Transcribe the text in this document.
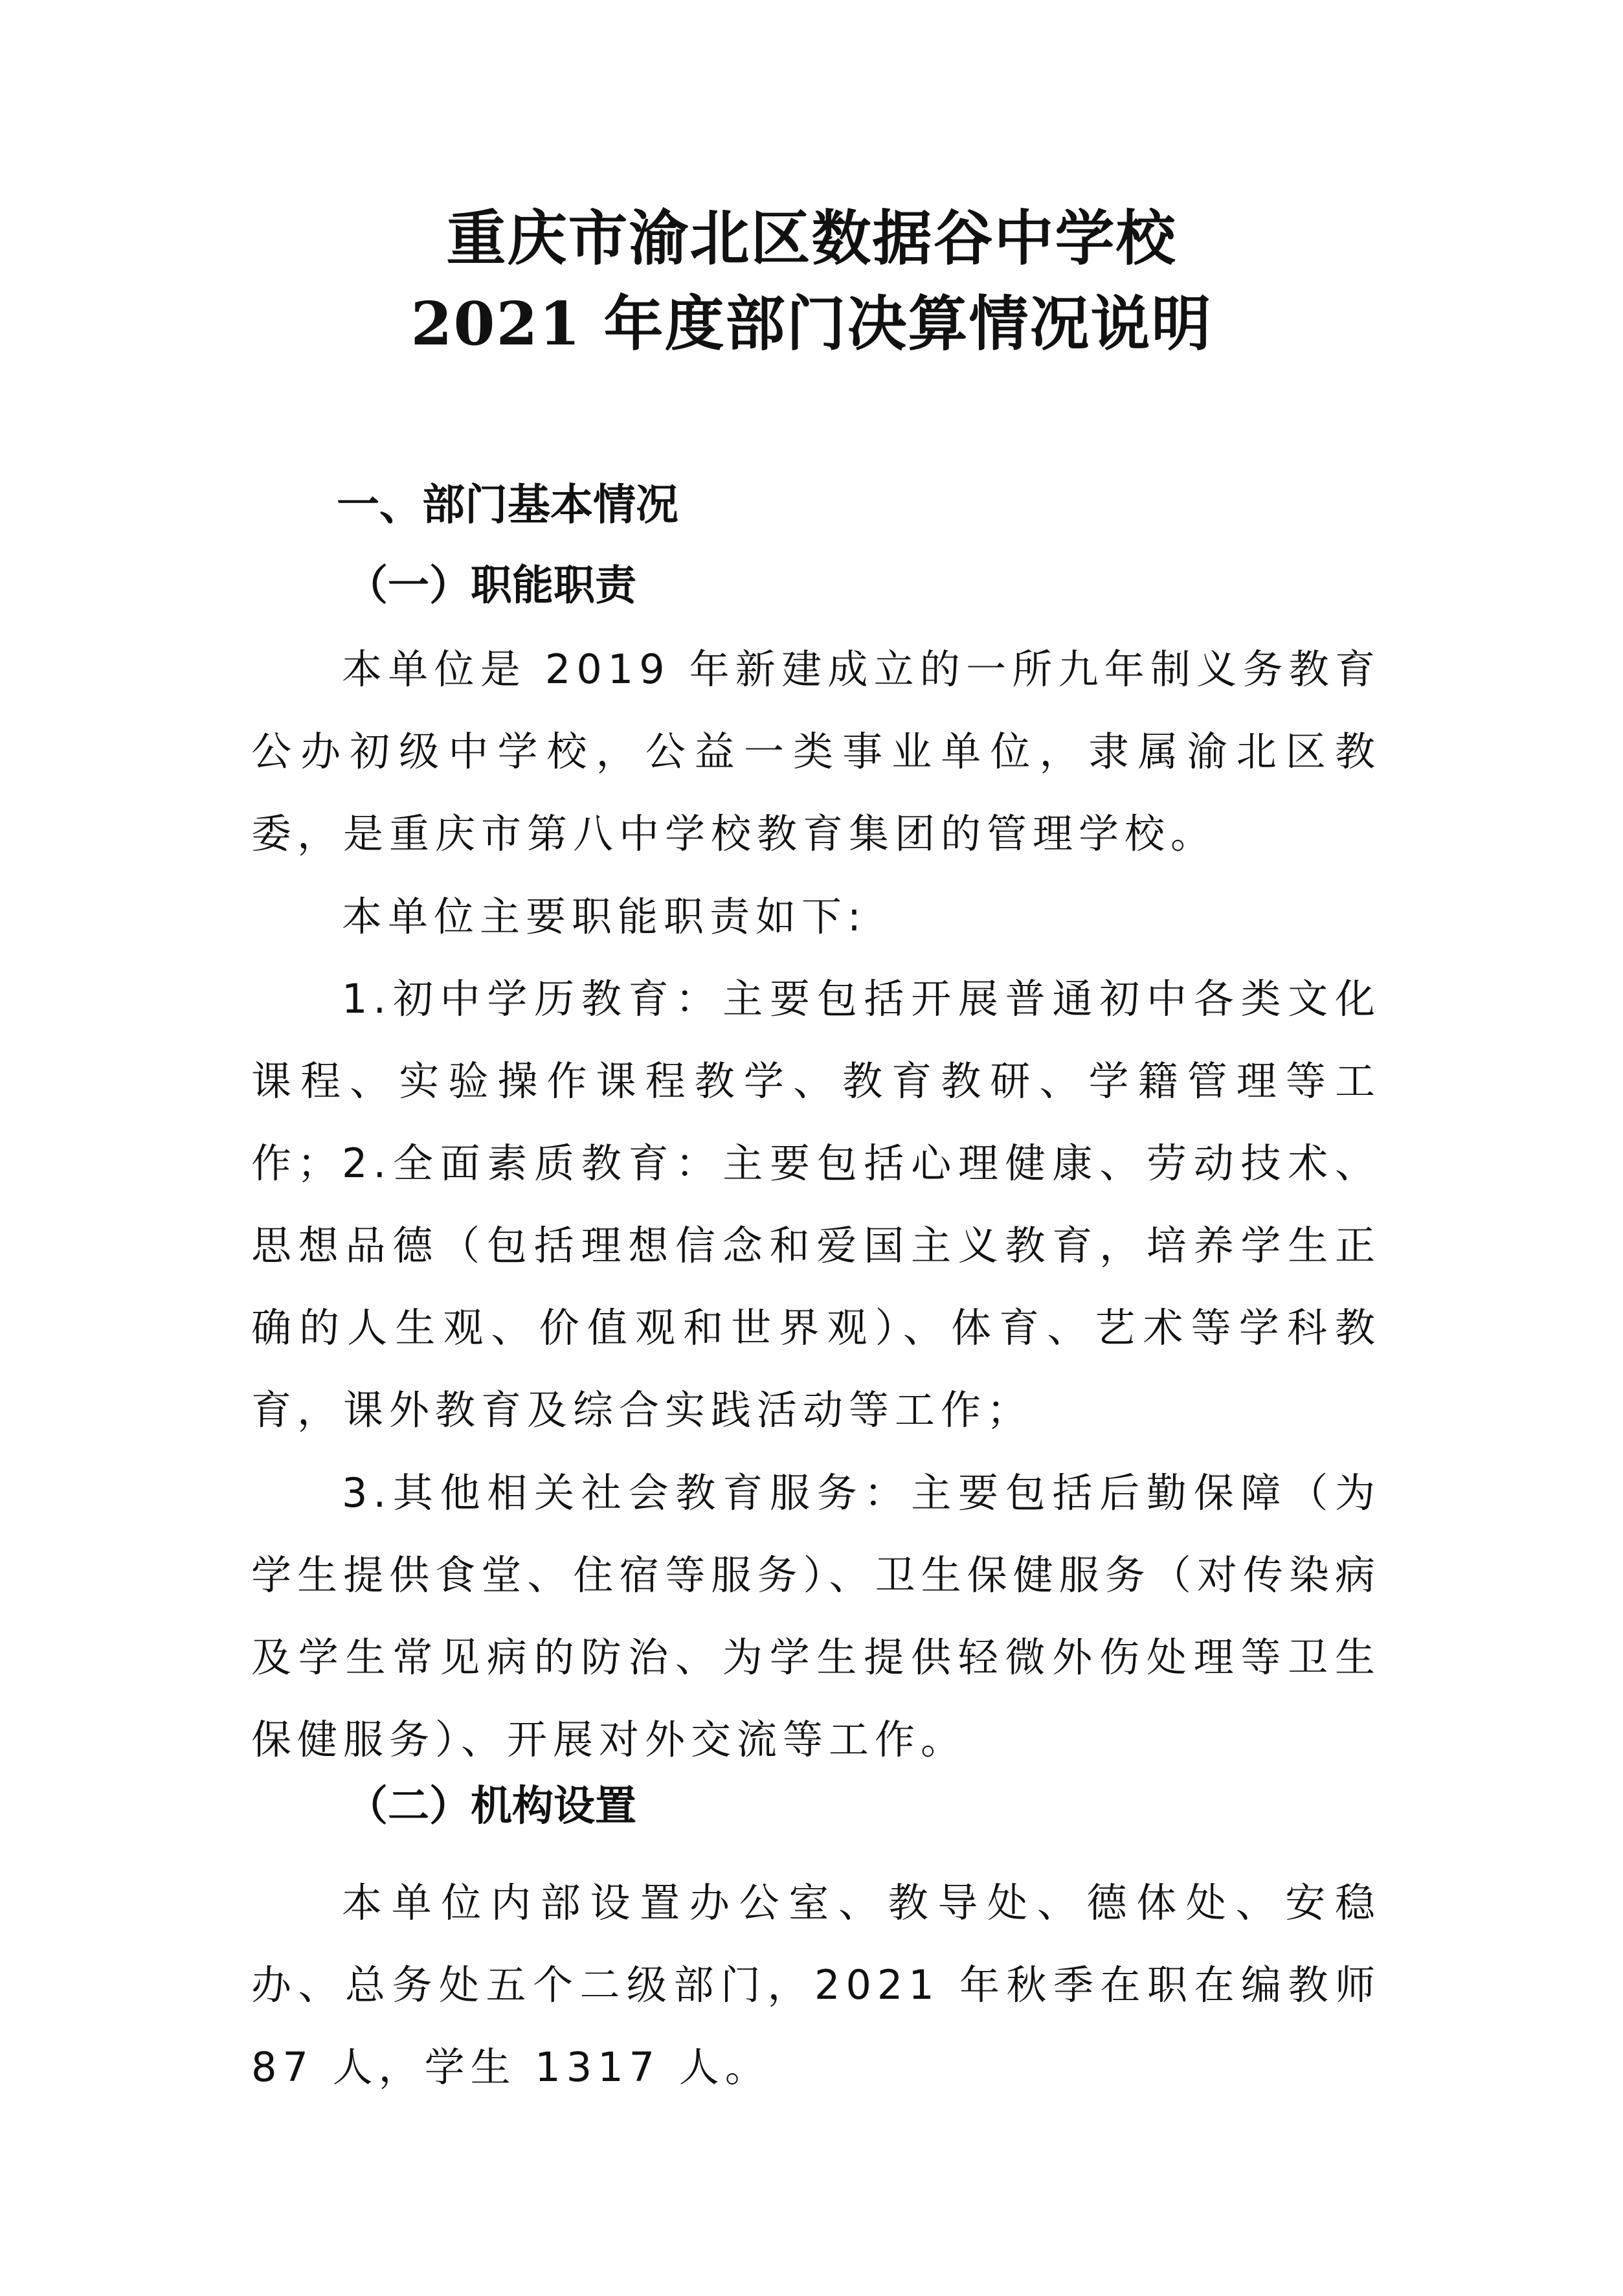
重庆市渝北区数据谷中学校
2021 年度部门决算情况说明
一、部门基本情况
（一）职能职责

本单位是 2019 年新建成立的一所九年制义务教育公办初级中学校，公益一类事业单位，隶属渝北区教委，是重庆市第八中学校教育集团的管理学校。

本单位主要职能职责如下:

1.初中学历教育：主要包括开展普通初中各类文化课程、实验操作课程教学、教育教研、学籍管理等工作；

2.全面素质教育：主要包括心理健康、劳动技术、思想品德（包括理想信念和爱国主义教育，培养学生正确的人生观、价值观和世界观）、体育、艺术等学科教育，课外教育及综合实践活动等工作；

3.其他相关社会教育服务：主要包括后勤保障（为学生提供食堂、住宿等服务）、卫生保健服务（对传染病及学生常见病的防治、为学生提供轻微外伤处理等卫生保健服务）、开展对外交流等工作。

（二）机构设置

本单位内部设置办公室、教导处、德体处、安稳办、总务处五个二级部门，2021 年秋季在职在编教师 87 人，学生 1317 人。
